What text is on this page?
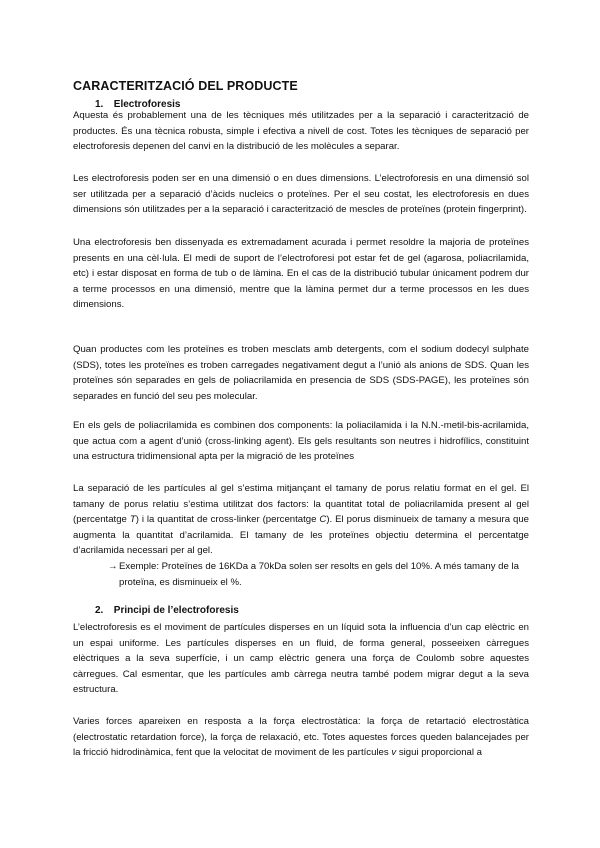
CARACTERITZACIÓ DEL PRODUCTE
1. Electroforesis

Aquesta és probablement una de les tècniques més utilitzades per a la separació i caracterització de productes. És una tècnica robusta, simple i efectiva a nivell de cost. Totes les tècniques de separació per electroforesis depenen del canvi en la distribució de les molècules a separar.

Les electroforesis poden ser en una dimensió o en dues dimensions. L’electroforesis en una dimensió sol ser utilitzada per a separació d’àcids nucleics o proteïnes. Per el seu costat, les electroforesis en dues dimensions són utilitzades per a la separació i caracterització de mescles de proteïnes (protein fingerprint).

Una electroforesis ben dissenyada es extremadament acurada i permet resoldre la majoria de proteïnes presents en una cèl·lula. El medi de suport de l’electroforesi pot estar fet de gel (agarosa, poliacrilamida, etc) i estar disposat en forma de tub o de làmina. En el cas de la distribució tubular únicament podrem dur a terme processos en una dimensió, mentre que la làmina permet dur a terme processos en les dues dimensions.

Quan productes com les proteïnes es troben mesclats amb detergents, com el sodium dodecyl sulphate (SDS), totes les proteïnes es troben carregades negativament degut a l’unió als anions de SDS. Quan les proteïnes són separades en gels de poliacrilamida en presencia de SDS (SDS-PAGE), les proteïnes són separades en funció del seu pes molecular.

En els gels de poliacrilamida es combinen dos components: la poliacilamida i la N.N.-metil-bis-acrilamida, que actua com a agent d’unió (cross-linking agent). Els gels resultants son neutres i hidrofílics, constituint una estructura tridimensional apta per la migració de les proteïnes

La separació de les partícules al gel s’estima mitjançant el tamany de porus relatiu format en el gel. El tamany de porus relatiu s’estima utilitzat dos factors: la quantitat total de poliacrilamida present al gel (percentatge T) i la quantitat de cross-linker (percentatge C). El porus disminueix de tamany a mesura que augmenta la quantitat d’acrilamida. El tamany de les proteïnes objectiu determina el percentatge d’acrilamida necessari per al gel.

→ Exemple: Proteïnes de 16KDa a 70kDa solen ser resolts en gels del 10%. A més tamany de la proteïna, es disminueix el %.
2. Principi de l’electroforesis

L’electroforesis es el moviment de partícules disperses en un líquid sota la influencia d’un cap elèctric en un espai uniforme. Les partícules disperses en un fluid, de forma general, posseeixen càrregues elèctriques a la seva superfície, i un camp elèctric genera una força de Coulomb sobre aquestes càrregues. Cal esmentar, que les partícules amb càrrega neutra també podem migrar degut a la seva estructura.

Varies forces apareixen en resposta a la força electrostàtica: la força de retartació electrostàtica (electrostatic retardation force), la força de relaxació, etc. Totes aquestes forces queden balancejades per la fricció hidrodinàmica, fent que la velocitat de moviment de les partícules v sigui proporcional a
